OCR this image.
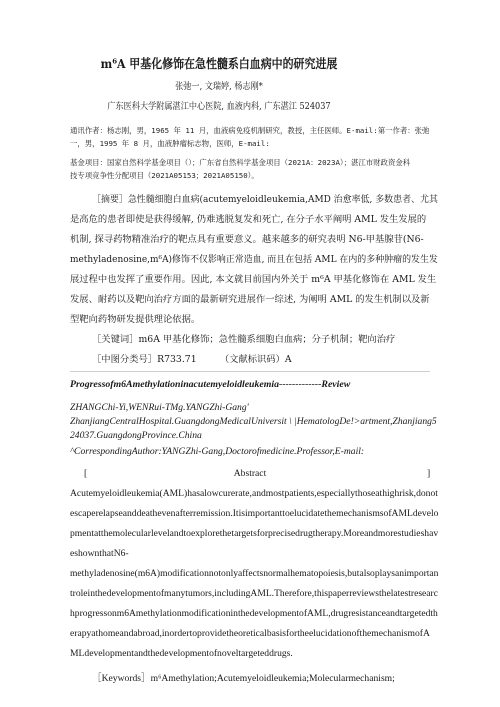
m⁶A 甲基化修饰在急性髓系白血病中的研究进展
张弛一, 文瑞婷, 杨志刚*
广东医科大学附属湛江中心医院, 血液内科, 广东湛江 524037
通讯作者：杨志刚，男，1965 年 11 月，血液病免疫机制研究，教授，主任医师。E-mail:第一作者：张弛
一，男，1995 年 8 月，血液肿瘤标志物，医师，E-mail:
基金项目：国家自然科学基金项目（）；广东省自然科学基金项目（2021A：2023A）；湛江市财政资金科
技专项竞争性分配项目（2021A05153；2021A05150）。
［摘要］急性髓细胞白血病(acutemyeloidleukemia,AMD 治愈率低, 多数患者、尤其
是高危的患者即使是获得缓解, 仍难逃脱复发和死亡, 在分子水平阐明 AML 发生发展的
机制, 探寻药物精准治疗的靶点具有重要意义。越来越多的研究表明 N6-甲基腺苷(N6-
methyladenosine,m⁶A)修饰不仅影响正常造血, 而且在包括 AML 在内的多种肿瘤的发生发
展过程中也发挥了重要作用。因此, 本文就目前国内外关于 m⁶A 甲基化修饰在 AML 发生
发展、耐药以及靶向治疗方面的最新研究进展作一综述, 为阐明 AML 的发生机制以及新
型靶向药物研发提供理论依据。
［关键词］m6A 甲基化修饰；急性髓系细胞白血病；分子机制；靶向治疗
［中图分类号］R733.71　　　（文献标识码）A
Progressofm6Amethylationinacutemyeloidleukemia-------------Review
ZHANGChi-Yi,WENRui-TMg.YANGZhi-Gang'
ZhanjiangCentralHospital.GuangdongMedicalUniversit \ |HematologDe!>artment,Zhanjiang5
24037.GuangdongProvince.China
^CorrespondingAuthor:YANGZhi-Gang,Doctorofmedicine.Professor,E-mail:
[	Abstract	]
Acutemyeloidleukemia(AML)hasalowcurerate,andmostpatients,especiallythoseathighrisk,donot
escaperelapseanddeathevenafterremission.ItisimportanttoelucidatethemechanismsofAMLdevelo
pmentatthemolecularlevelandtoexplorethetargetsforprecisedrugtherapy.Moreandmorestudieshav
eshownthatN6-
methyladenosine(m6A)modificationnotonlyaffectsnormalhematopoiesis,butalsoplaysanimportan
troleinthedevelopmentofmanytumors,includingAML.Therefore,thispaperreviewsthelatestresearc
hprogressonm6AmethylationmodificationinthedevelopmentofAML,drugresistanceandtargetedth
erapyathomeandabroad,inordertoprovidetheoreticalbasisfortheelucidationofthemechanismofA
MLdevelopmentandthedevelopmentofnoveltargeteddrugs.
［Keywords］m⁶Amethylation;Acutemyeloidleukemia;Molecularmechanism;
